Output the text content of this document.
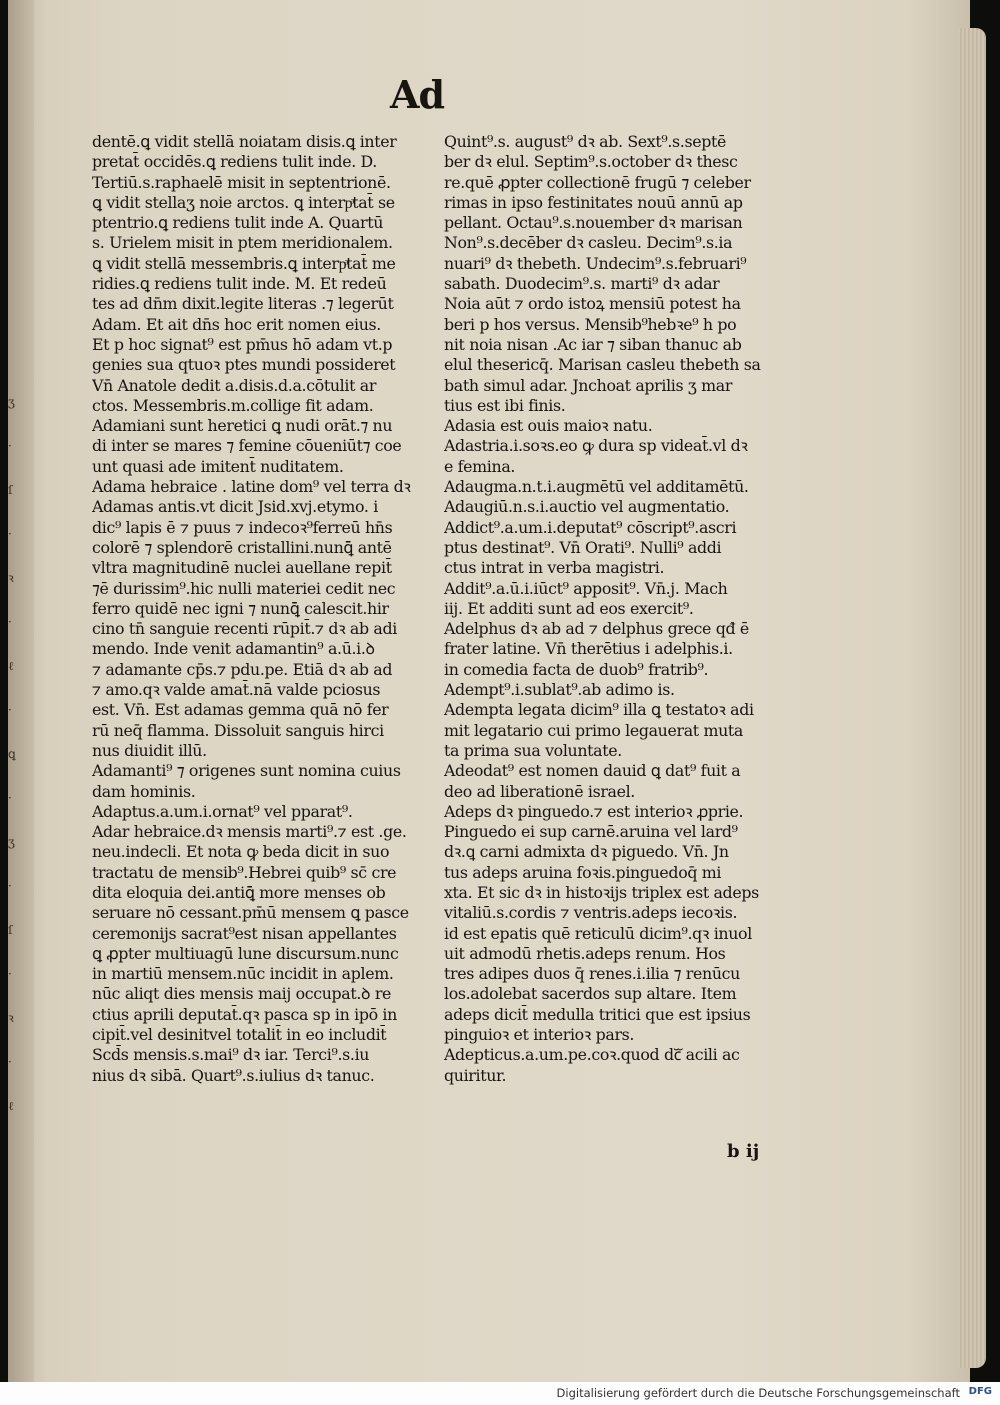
ʒ
·
ſ
·
ꝛ
·
ℓ
·
ꝗ
·
ʒ
·
ſ
·
ꝛ
·
ℓ
Ad
dentē.ꝗ vidit stellā noiatam disis.ꝗ inter
pretat̄ occidēs.ꝗ rediens tulit inde. D.
Tertiū.s.raphaelē misit in septentrionē.
ꝗ vidit stellaʒ noie arctos. ꝗ interpͣtat̄ se
ptentrio.ꝗ rediens tulit inde A. Quartū
s. Urielem misit in ptem meridionalem.
ꝗ vidit stellā messembris.ꝗ interpͣtat̄ me
ridies.ꝗ rediens tulit inde. M. Et redeū
tes ad dn̄m dixit.legite literas .⁊ legerūt
Adam. Et ait dn̄s hoc erit nomen eius.
Et p hoc signat⁹ est pm̄us hō adam vt.p
genies sua qtuoꝛ ptes mundi possideret
Vn̄ Anatole dedit a.disis.d.a.cōtulit ar
ctos. Messembris.m.collige fit adam.
Adamiani sunt heretici ꝗ nudi orāt.⁊ nu
di inter se mares ⁊ femine cōueniūt⁊ coe
unt quasi ade imitent̄ nuditatem.
Adama hebraice . latine dom⁹ vel terra dꝛ
Adamas antis.vt dicit Jsid.xvj.etymo. i
dic⁹ lapis ē ⁊ puus ⁊ indecoꝛ⁹ferreū hn̄s
colorē ⁊ splendorē cristallini.nunꝗ̄ antē
vltra magnitudinē nuclei auellane repit̄
⁊ē durissim⁹.hic nulli materiei cedit nec
ferro quidē nec igni ⁊ nunꝗ̄ calescit.hir
cino tn̄ sanguie recenti rūpit̄.⁊ dꝛ ab adi
mendo. Inde venit adamantin⁹ a.ū.i.ꝺ
⁊ adamante cp̄s.⁊ pdu.pe. Etiā dꝛ ab ad
⁊ amo.qꝛ valde amat̄.nā valde pciosus
est. Vn̄. Est adamas gemma quā nō fer
rū neq̄ flamma. Dissoluit sanguis hirci
nus diuidit illū.
Adamanti⁹ ⁊ origenes sunt nomina cuius
dam hominis.
Adaptus.a.um.i.ornat⁹ vel pparat⁹.
Adar hebraice.dꝛ mensis marti⁹.⁊ est .ge.
neu.indecli. Et nota ꝙ beda dicit in suo
tractatu de mensib⁹.Hebrei quib⁹ sc̄ cre
dita eloquia dei.antiꝗ̄ more menses ob
seruare nō cessant.pm̄ū mensem ꝗ pasce
ceremonijs sacrat⁹est nisan appellantes
ꝗ ꝓpter multiuagū lune discursum.nunc
in martiū mensem.nūc incidit in aplem.
nūc aliqt dies mensis maij occupat.ꝺ re
ctius aprili deputat̄.qꝛ pasca sp in ipō in
cipit̄.vel desinitvel totalit̄ in eo includit̄
Scd̄s mensis.s.mai⁹ dꝛ iar. Terci⁹.s.iu
nius dꝛ sibā. Quart⁹.s.iulius dꝛ tanuc.
Quint⁹.s. august⁹ dꝛ ab. Sext⁹.s.septē
ber dꝛ elul. Septim⁹.s.october dꝛ thesc
re.quē ꝓpter collectionē frugū ⁊ celeber
rimas in ipso festinitates nouū annū ap
pellant. Octau⁹.s.nouember dꝛ marisan
Non⁹.s.decēber dꝛ casleu. Decim⁹.s.ia
nuari⁹ dꝛ thebeth. Undecim⁹.s.februari⁹
sabath. Duodecim⁹.s. marti⁹ dꝛ adar
Noia aūt ⁊ ordo istoꝝ mensiū potest ha
beri p hos versus. Mensib⁹hebꝛe⁹ h po
nit noia nisan .Ac iar ⁊ siban thanuc ab
elul thesericq̄. Marisan casleu thebeth sa
bath simul adar. Jnchoat aprilis ʒ mar
tius est ibi finis.
Adasia est ouis maioꝛ natu.
Adastria.i.soꝛs.eo ꝙ dura sp videat̄.vl dꝛ
e femina.
Adaugma.n.t.i.augmētū vel additamētū.
Adaugiū.n.s.i.auctio vel augmentatio.
Addict⁹.a.um.i.deputat⁹ cōscript⁹.ascri
ptus destinat⁹. Vn̄ Orati⁹. Nulli⁹ addi
ctus intrat in verba magistri.
Addit⁹.a.ū.i.iūct⁹ apposit⁹. Vn̄.j. Mach
iij. Et additi sunt ad eos exercit⁹.
Adelphus dꝛ ab ad ⁊ delphus grece qđ ē
frater latine. Vn̄ therētius i adelphis.i.
in comedia facta de duob⁹ fratrib⁹.
Adempt⁹.i.sublat⁹.ab adimo is.
Adempta legata dicim⁹ illa ꝗ testatoꝛ adi
mit legatario cui primo legauerat muta
ta prima sua voluntate.
Adeodat⁹ est nomen dauid ꝗ dat⁹ fuit a
deo ad liberationē israel.
Adeps dꝛ pinguedo.⁊ est interioꝛ ꝓprie.
Pinguedo ei sup carnē.aruina vel lard⁹
dꝛ.ꝗ carni admixta dꝛ piguedo. Vn̄. Jn
tus adeps aruina foꝛis.pinguedoq̄ mi
xta. Et sic dꝛ in histoꝛijs triplex est adeps
vitaliū.s.cordis ⁊ ventris.adeps iecoꝛis.
id est epatis quē reticulū dicim⁹.qꝛ inuol
uit admodū rhetis.adeps renum. Hos
tres adipes duos q̄ renes.i.ilia ⁊ renūcu
los.adolebat sacerdos sup altare. Item
adeps dicit̄ medulla tritici que est ipsius
pinguioꝛ et interioꝛ pars.
Adepticus.a.um.pe.coꝛ.quod dcᷓ acili ac
quiritur.
b ij
Digitalisierung gefördert durch die Deutsche Forschungsgemeinschaft DFG
